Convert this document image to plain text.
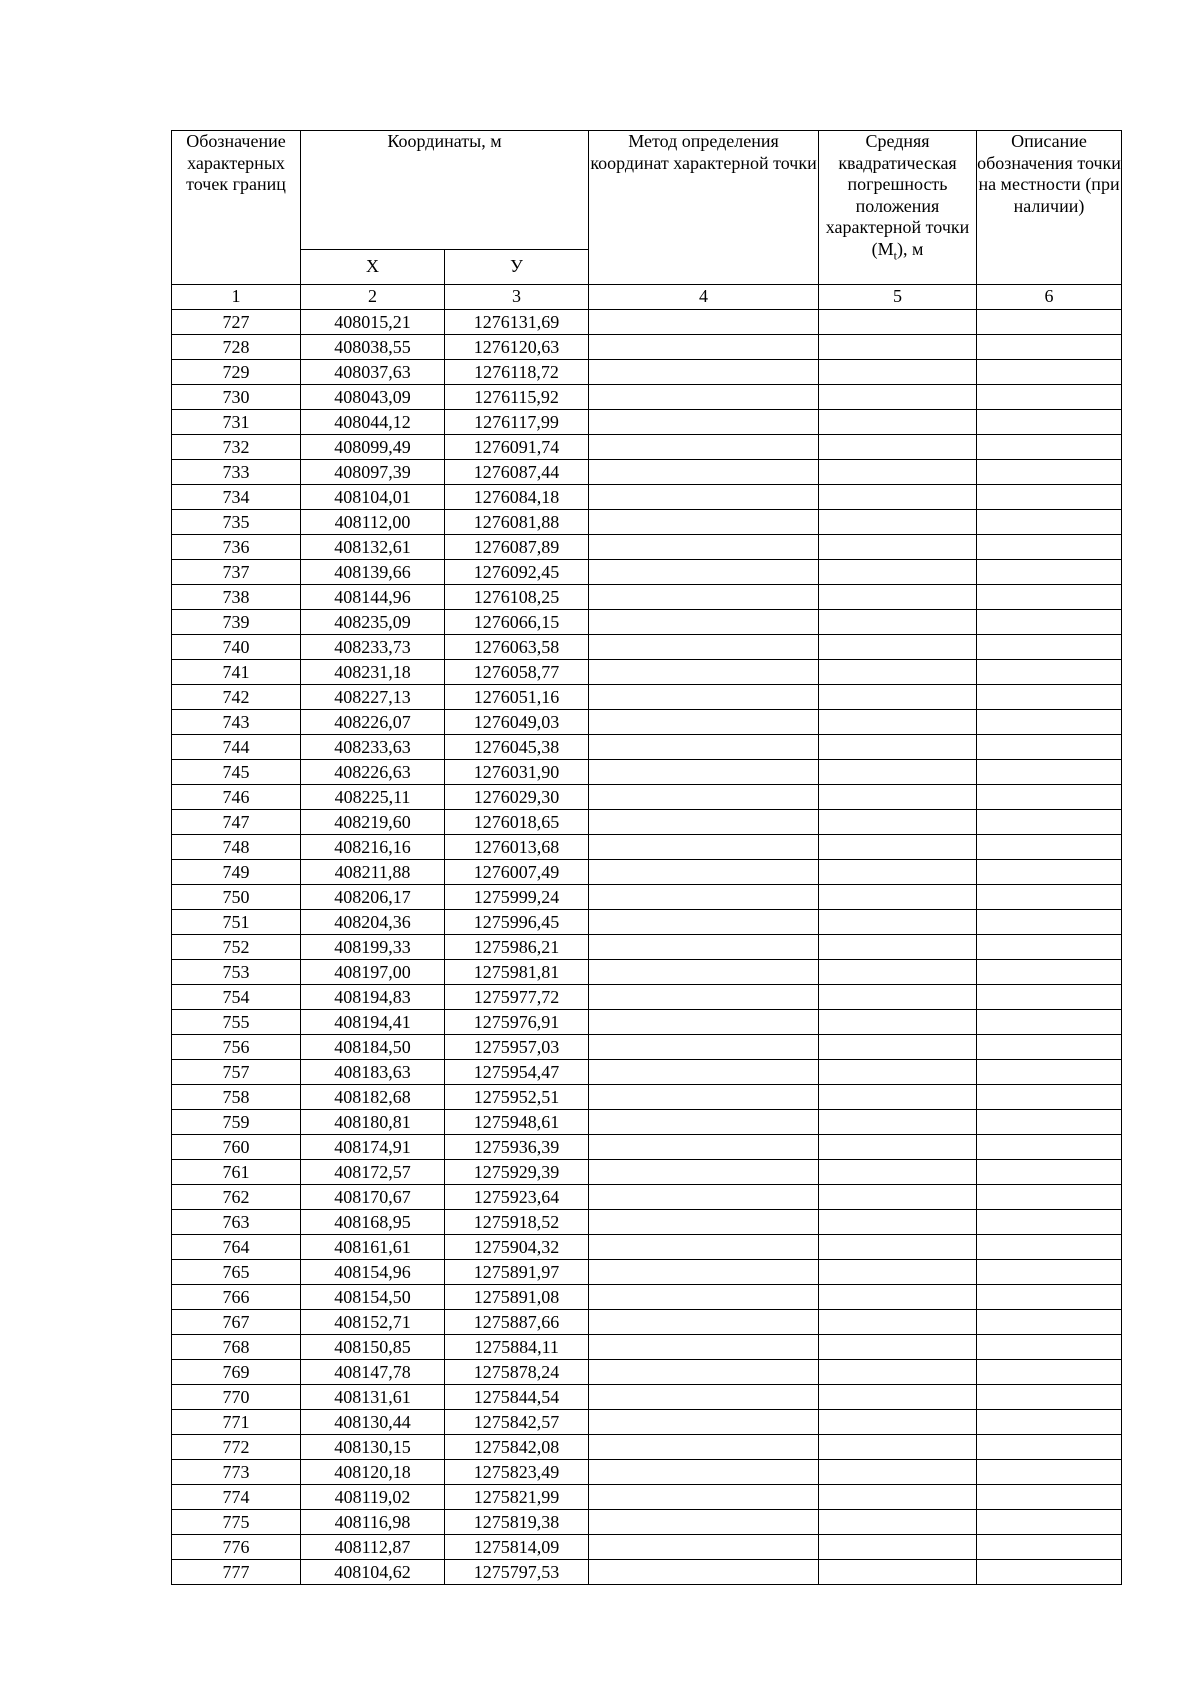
Обозначение характерных точек границ	Координаты, м		Метод определения координат характерной точки	Средняя квадратическая погрешность положения характерной точки $(М_t)$, м	Описание обозначения точки на местности (при наличии)
	Х	У			
1	2	3	4	5	6
727	408015,21	1276131,69			
728	408038,55	1276120,63			
729	408037,63	1276118,72			
730	408043,09	1276115,92			
731	408044,12	1276117,99			
732	408099,49	1276091,74			
733	408097,39	1276087,44			
734	408104,01	1276084,18			
735	408112,00	1276081,88			
736	408132,61	1276087,89			
737	408139,66	1276092,45			
738	408144,96	1276108,25			
739	408235,09	1276066,15			
740	408233,73	1276063,58			
741	408231,18	1276058,77			
742	408227,13	1276051,16			
743	408226,07	1276049,03			
744	408233,63	1276045,38			
745	408226,63	1276031,90			
746	408225,11	1276029,30			
747	408219,60	1276018,65			
748	408216,16	1276013,68			
749	408211,88	1276007,49			
750	408206,17	1275999,24			
751	408204,36	1275996,45			
752	408199,33	1275986,21			
753	408197,00	1275981,81			
754	408194,83	1275977,72			
755	408194,41	1275976,91			
756	408184,50	1275957,03			
757	408183,63	1275954,47			
758	408182,68	1275952,51			
759	408180,81	1275948,61			
760	408174,91	1275936,39			
761	408172,57	1275929,39			
762	408170,67	1275923,64			
763	408168,95	1275918,52			
764	408161,61	1275904,32			
765	408154,96	1275891,97			
766	408154,50	1275891,08			
767	408152,71	1275887,66			
768	408150,85	1275884,11			
769	408147,78	1275878,24			
770	408131,61	1275844,54			
771	408130,44	1275842,57			
772	408130,15	1275842,08			
773	408120,18	1275823,49			
774	408119,02	1275821,99			
775	408116,98	1275819,38			
776	408112,87	1275814,09			
777	408104,62	1275797,53			
